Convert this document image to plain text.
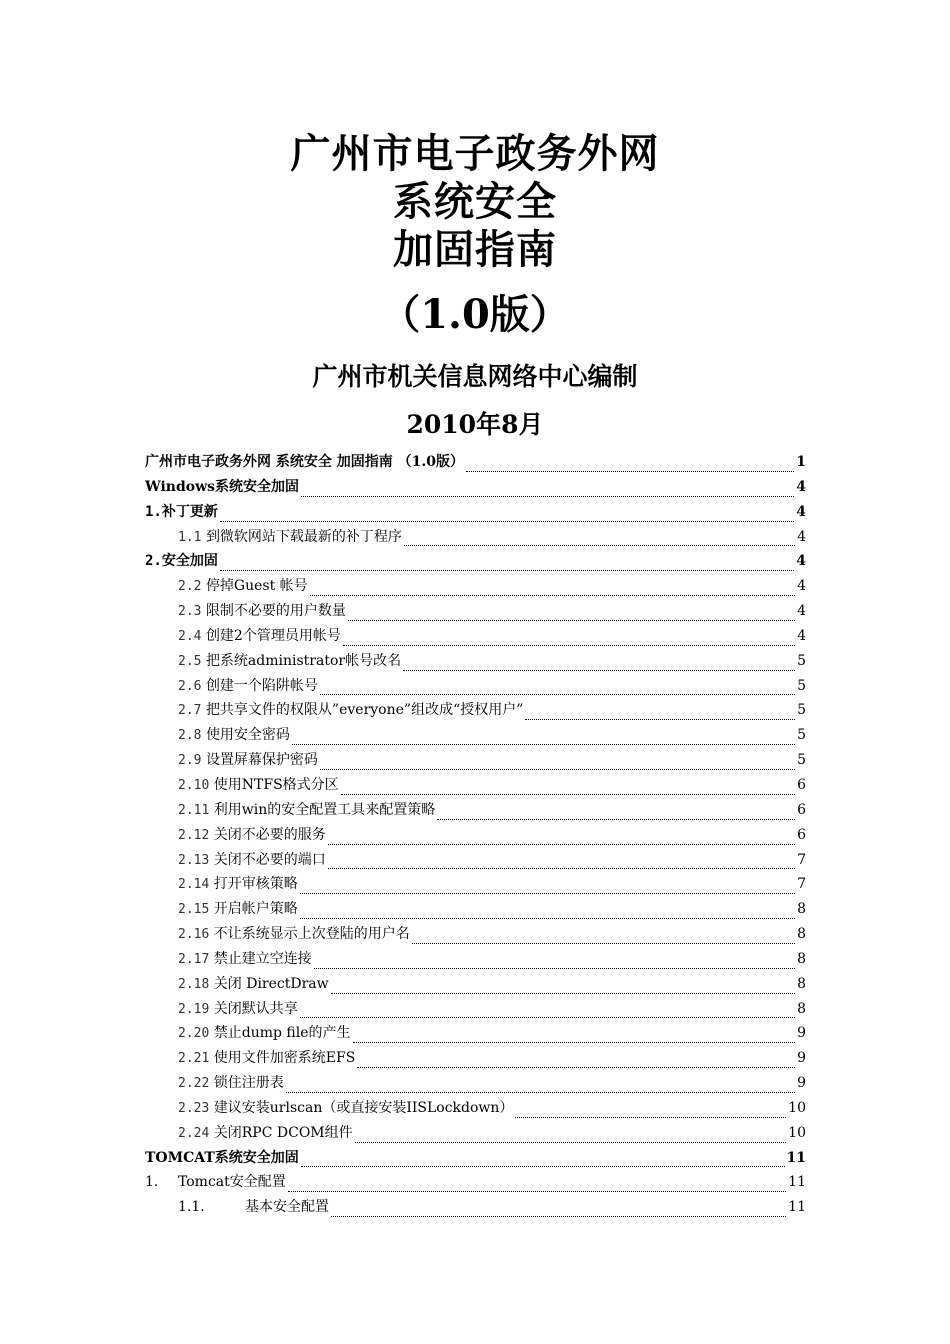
广州市电子政务外网

系统安全

加固指南

（1.0版）
广州市机关信息网络中心编制
2010年8月
广州市电子政务外网 系统安全 加固指南 （1.0版）	1
Windows系统安全加固	4
1.补丁更新	4
1.1 到微软网站下载最新的补丁程序	4
2.安全加固	4
2.2 停掉Guest 帐号	4
2.3 限制不必要的用户数量	4
2.4 创建2个管理员用帐号	4
2.5 把系统administrator帐号改名	5
2.6 创建一个陷阱帐号	5
2.7 把共享文件的权限从”everyone”组改成“授权用户”	5
2.8 使用安全密码	5
2.9 设置屏幕保护密码	5
2.10 使用NTFS格式分区	6
2.11 利用win的安全配置工具来配置策略	6
2.12 关闭不必要的服务	6
2.13 关闭不必要的端口	7
2.14 打开审核策略	7
2.15 开启帐户策略	8
2.16 不让系统显示上次登陆的用户名	8
2.17 禁止建立空连接	8
2.18 关闭 DirectDraw	8
2.19 关闭默认共享	8
2.20 禁止dump file的产生	9
2.21 使用文件加密系统EFS	9
2.22 锁住注册表	9
2.23 建议安装urlscan（或直接安装IISLockdown）	10
2.24 关闭RPC DCOM组件	10
TOMCAT系统安全加固	11
1. Tomcat安全配置	11
1.1.	基本安全配置	11
